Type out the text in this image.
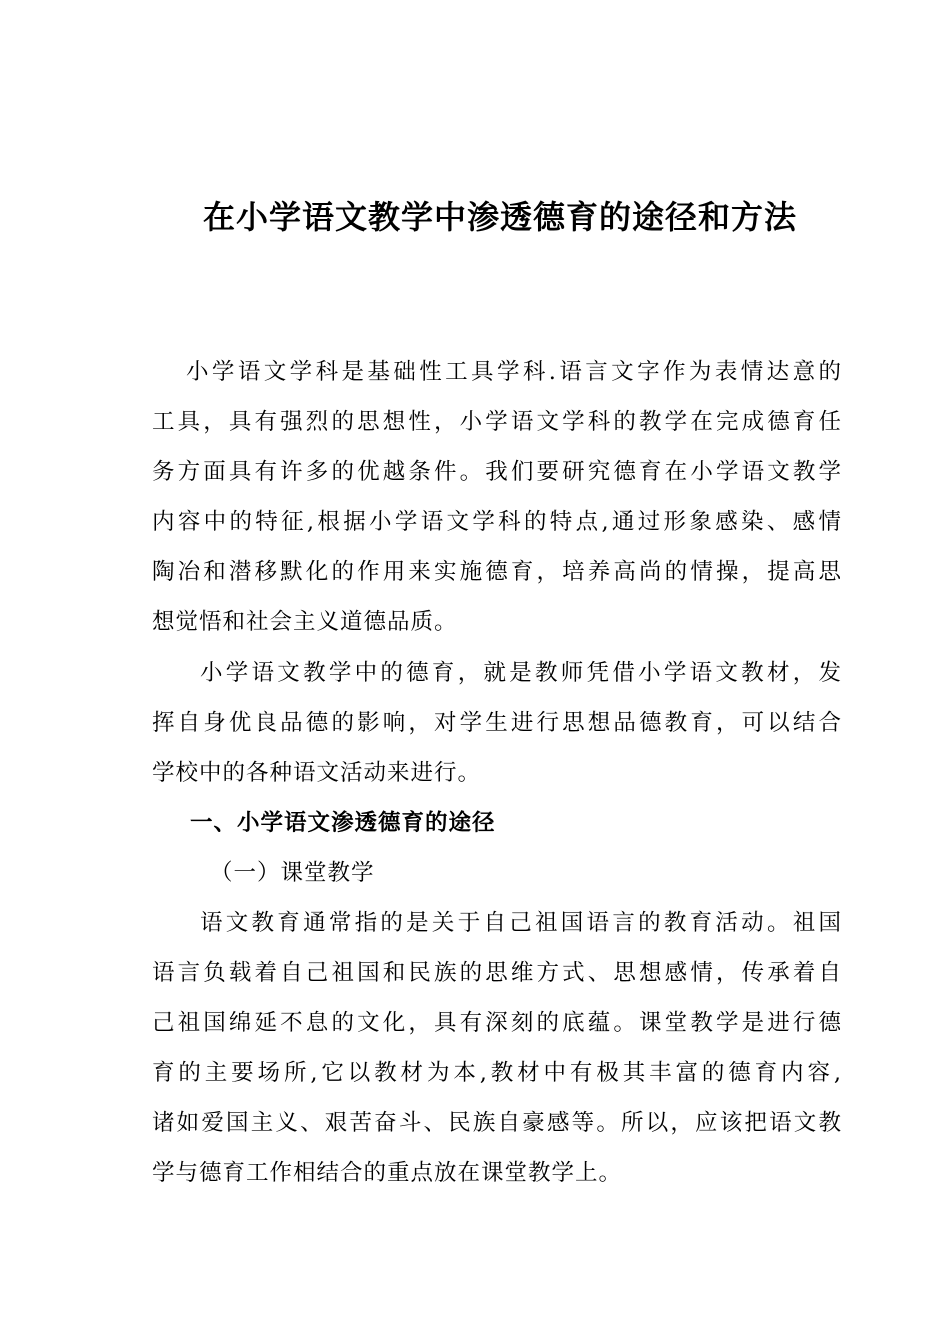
在小学语文教学中渗透德育的途径和方法
小学语文学科是基础性工具学科.语言文字作为表情达意的
工具，具有强烈的思想性，小学语文学科的教学在完成德育任
务方面具有许多的优越条件。我们要研究德育在小学语文教学
内容中的特征,根据小学语文学科的特点,通过形象感染、感情
陶冶和潜移默化的作用来实施德育，培养高尚的情操，提高思
想觉悟和社会主义道德品质。
小学语文教学中的德育，就是教师凭借小学语文教材，发
挥自身优良品德的影响，对学生进行思想品德教育，可以结合
学校中的各种语文活动来进行。
一、小学语文渗透德育的途径
（一）课堂教学
语文教育通常指的是关于自己祖国语言的教育活动。祖国
语言负载着自己祖国和民族的思维方式、思想感情，传承着自
己祖国绵延不息的文化，具有深刻的底蕴。课堂教学是进行德
育的主要场所,它以教材为本,教材中有极其丰富的德育内容,
诸如爱国主义、艰苦奋斗、民族自豪感等。所以，应该把语文教
学与德育工作相结合的重点放在课堂教学上。
